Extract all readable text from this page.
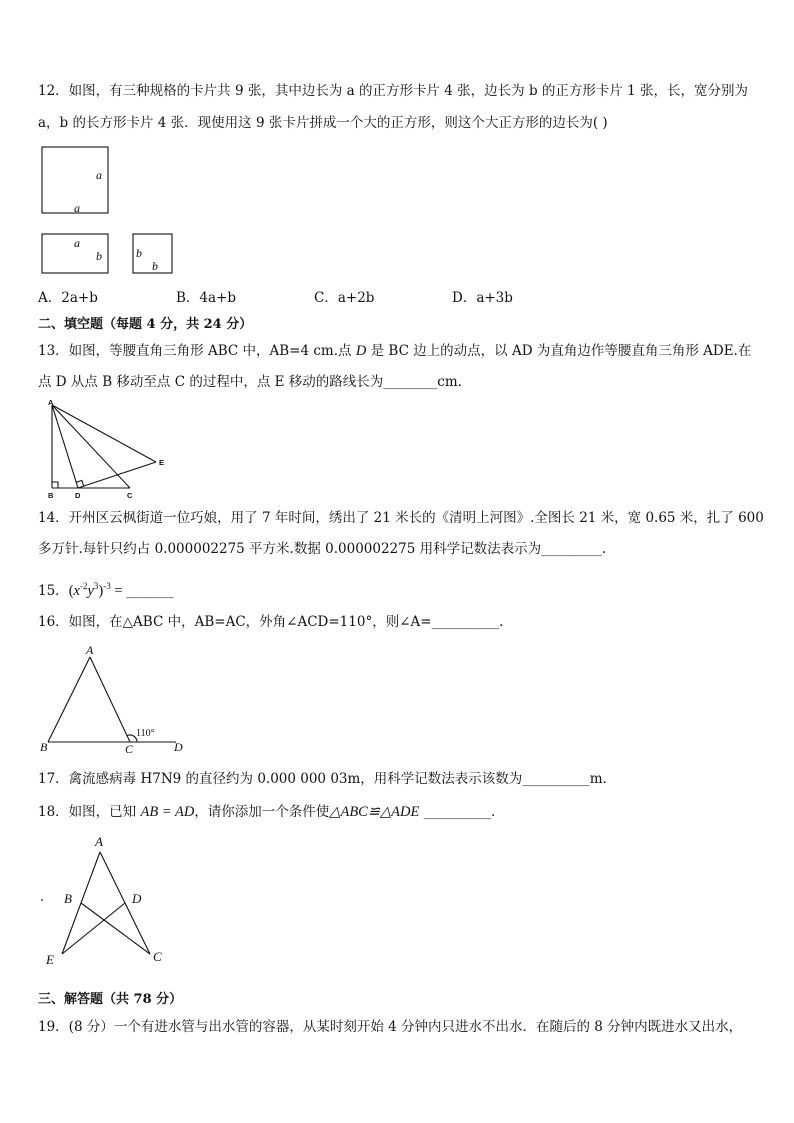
12．如图，有三种规格的卡片共 9 张，其中边长为 a 的正方形卡片 4 张，边长为 b 的正方形卡片 1 张，长，宽分别为
a，b 的长方形卡片 4 张．现使用这 9 张卡片拼成一个大的正方形，则这个大正方形的边长为( )
a
a
a
b	b
b
A．2a+b	B．4a+b	C．a+2b	D．a+3b
二、填空题（每题 4 分，共 24 分）
13．如图，等腰直角三角形 ABC 中，AB=4 cm.点 D 是 BC 边上的动点，以 AD 为直角边作等腰直角三角形 ADE.在
点 D 从点 B 移动至点 C 的过程中，点 E 移动的路线长为________cm.
A
B	D	C
E
14．开州区云枫街道一位巧娘，用了 7 年时间，绣出了 21 米长的《清明上河图》.全图长 21 米，宽 0.65 米，扎了 600
多万针.每针只约占 0.000002275 平方米.数据 0.000002275 用科学记数法表示为_________.
15．$(x^{-2}y^3)^{-3}$ = _______
16．如图，在△ABC 中，AB=AC，外角∠ACD=110°，则∠A=__________.
A
B	C	D
110°
17．禽流感病毒 H7N9 的直径约为 0.000 000 03m，用科学记数法表示该数为__________m．
18．如图，已知 AB = AD，请你添加一个条件使△ABC≌△ADE __________．
A
B	D
E	C
三、解答题（共 78 分）
19．(8 分）一个有进水管与出水管的容器，从某时刻开始 4 分钟内只进水不出水．在随后的 8 分钟内既进水又出水，
